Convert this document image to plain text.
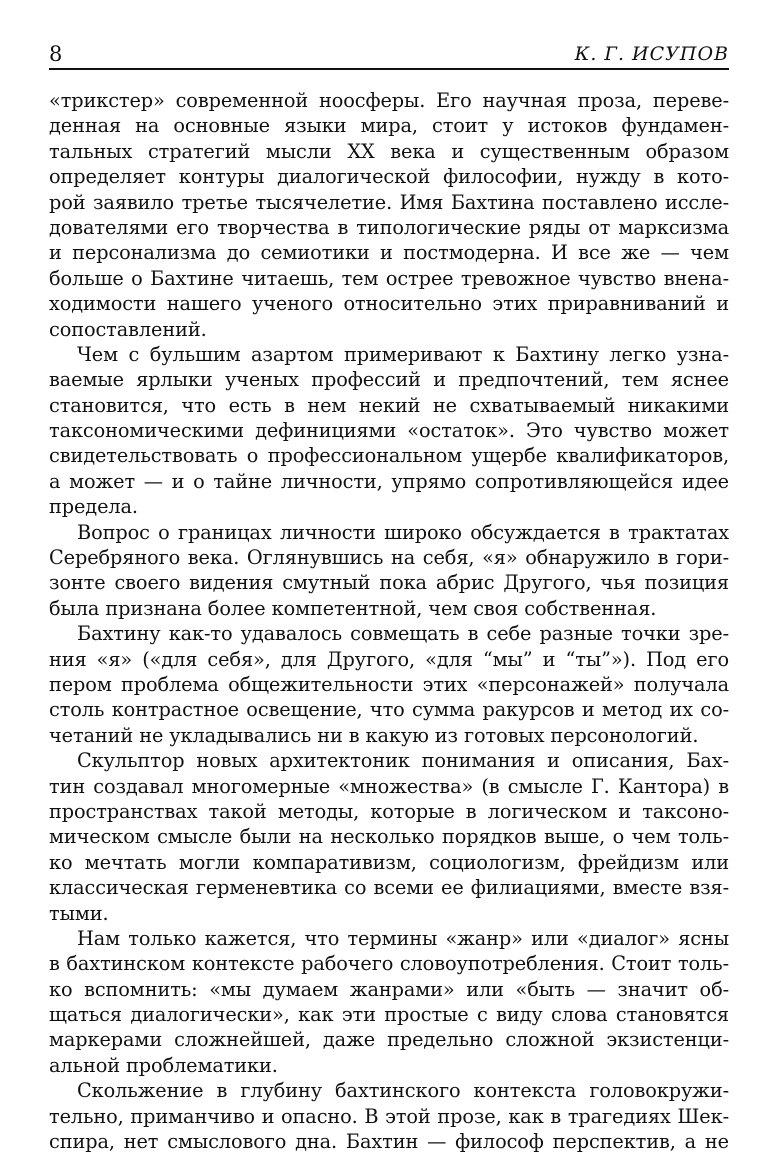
8	К. Г. ИСУПОВ
«трикстер» современной ноосферы. Его научная проза, переве-
денная на основные языки мира, стоит у истоков фундамен-
тальных стратегий мысли XX века и существенным образом
определяет контуры диалогической философии, нужду в кото-
рой заявило третье тысячелетие. Имя Бахтина поставлено иссле-
дователями его творчества в типологические ряды от марксизма
и персонализма до семиотики и постмодерна. И все же — чем
больше о Бахтине читаешь, тем острее тревожное чувство внена-
ходимости нашего ученого относительно этих приравниваний и
сопоставлений.
Чем с бульшим азартом примеривают к Бахтину легко узна-
ваемые ярлыки ученых профессий и предпочтений, тем яснее
становится, что есть в нем некий не схватываемый никакими
таксономическими дефинициями «остаток». Это чувство может
свидетельствовать о профессиональном ущербе квалификаторов,
а может — и о тайне личности, упрямо сопротивляющейся идее
предела.
Вопрос о границах личности широко обсуждается в трактатах
Серебряного века. Оглянувшись на себя, «я» обнаружило в гори-
зонте своего видения смутный пока абрис Другого, чья позиция
была признана более компетентной, чем своя собственная.
Бахтину как-то удавалось совмещать в себе разные точки зре-
ния «я» («для себя», для Другого, «для “мы” и “ты”»). Под его
пером проблема общежительности этих «персонажей» получала
столь контрастное освещение, что сумма ракурсов и метод их со-
четаний не укладывались ни в какую из готовых персонологий.
Скульптор новых архитектоник понимания и описания, Бах-
тин создавал многомерные «множества» (в смысле Г. Кантора) в
пространствах такой методы, которые в логическом и таксоно-
мическом смысле были на несколько порядков выше, о чем толь-
ко мечтать могли компаративизм, социологизм, фрейдизм или
классическая герменевтика со всеми ее филиациями, вместе взя-
тыми.
Нам только кажется, что термины «жанр» или «диалог» ясны
в бахтинском контексте рабочего словоупотребления. Стоит толь-
ко вспомнить: «мы думаем жанрами» или «быть — значит об-
щаться диалогически», как эти простые с виду слова становятся
маркерами сложнейшей, даже предельно сложной экзистенци-
альной проблематики.
Скольжение в глубину бахтинского контекста головокружи-
тельно, приманчиво и опасно. В этой прозе, как в трагедиях Шек-
спира, нет смыслового дна. Бахтин — философ перспектив, а не
